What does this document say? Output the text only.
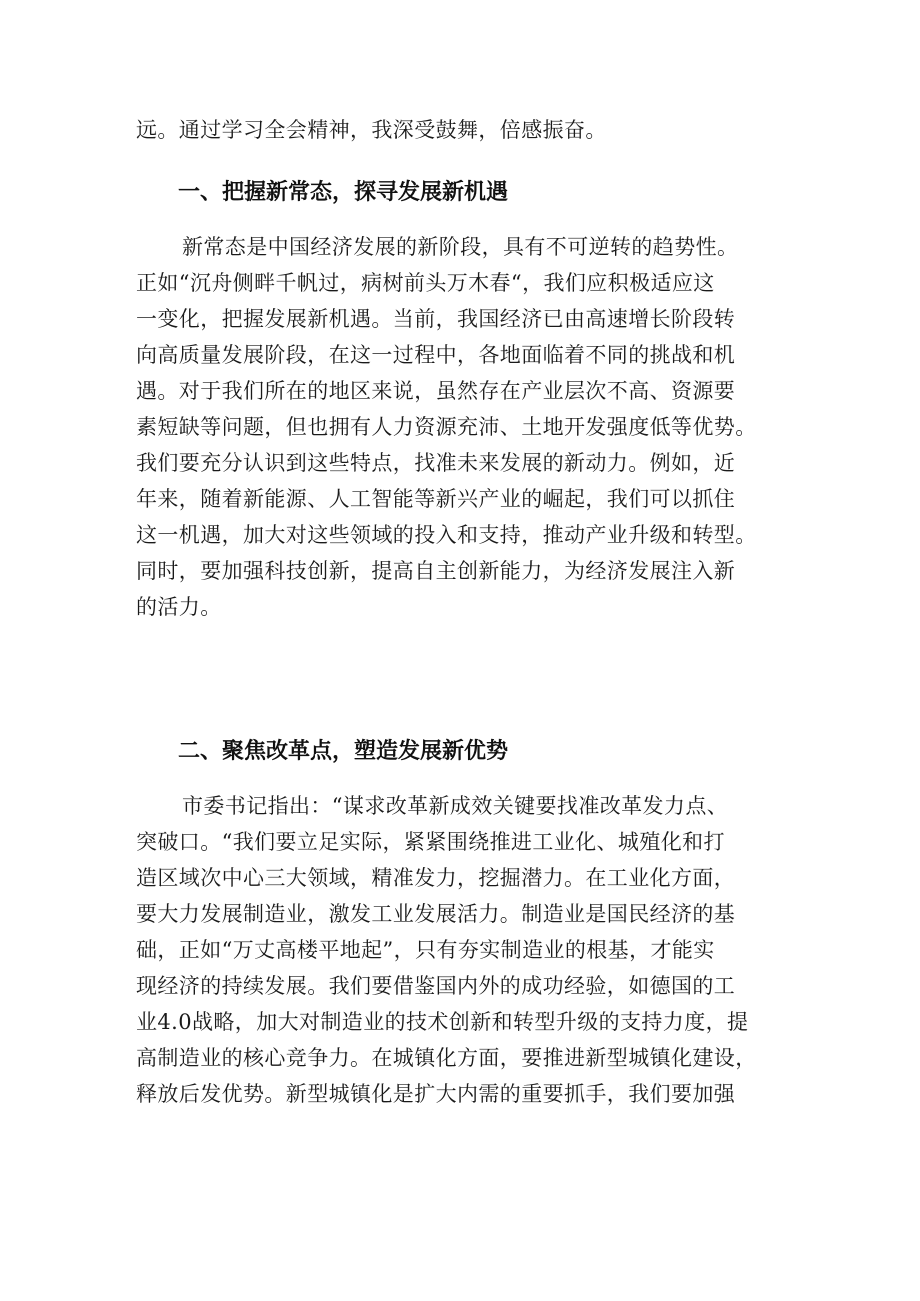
远。通过学习全会精神，我深受鼓舞，倍感振奋。

一、把握新常态，探寻发展新机遇

新常态是中国经济发展的新阶段，具有不可逆转的趋势性。
正如“沉舟侧畔千帆过，病树前头万木春“，我们应积极适应这
一变化，把握发展新机遇。当前，我国经济已由高速增长阶段转
向高质量发展阶段，在这一过程中，各地面临着不同的挑战和机
遇。对于我们所在的地区来说，虽然存在产业层次不高、资源要
素短缺等问题，但也拥有人力资源充沛、土地开发强度低等优势。
我们要充分认识到这些特点，找准未来发展的新动力。例如，近
年来，随着新能源、人工智能等新兴产业的崛起，我们可以抓住
这一机遇，加大对这些领域的投入和支持，推动产业升级和转型。
同时，要加强科技创新，提高自主创新能力，为经济发展注入新
的活力。

二、聚焦改革点，塑造发展新优势

市委书记指出：“谋求改革新成效关键要找准改革发力点、
突破口。“我们要立足实际，紧紧围绕推进工业化、城殖化和打
造区域次中心三大领域，精准发力，挖掘潜力。在工业化方面，
要大力发展制造业，激发工业发展活力。制造业是国民经济的基
础，正如“万丈高楼平地起”，只有夯实制造业的根基，才能实
现经济的持续发展。我们要借鉴国内外的成功经验，如德国的工
业4.0战略，加大对制造业的技术创新和转型升级的支持力度，提
高制造业的核心竞争力。在城镇化方面，要推进新型城镇化建设，
释放后发优势。新型城镇化是扩大内需的重要抓手，我们要加强
